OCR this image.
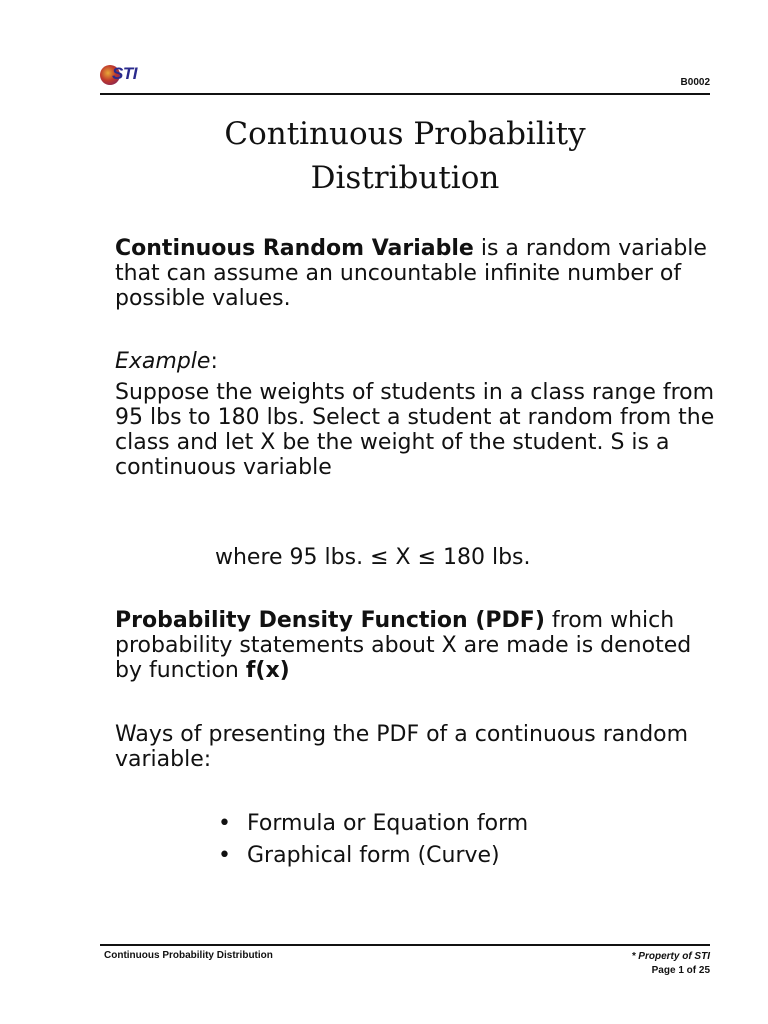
STI	B0002
Continuous Probability
Distribution
Continuous Random Variable is a random variable that can assume an uncountable infinite number of possible values.
Example:
Suppose the weights of students in a class range from 95 lbs to 180 lbs. Select a student at random from the class and let X be the weight of the student. S is a continuous variable
where 95 lbs. ≤ X ≤ 180 lbs.
Probability Density Function (PDF) from which probability statements about X are made is denoted by function f(x)
Ways of presenting the PDF of a continuous random variable:
• Formula or Equation form
• Graphical form (Curve)
Continuous Probability Distribution	* Property of STI
Page 1 of 25
